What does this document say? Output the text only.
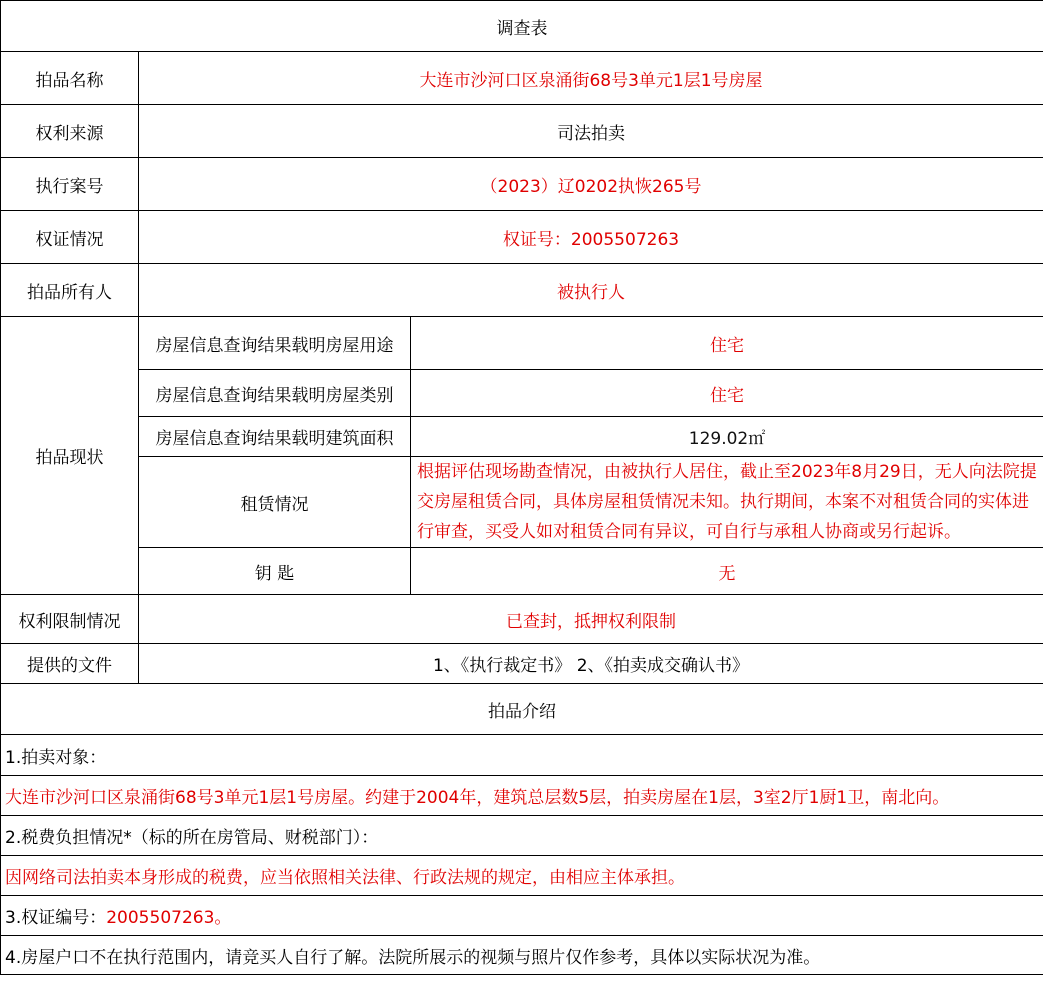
调查表		
拍品名称	大连市沙河口区泉涌街68号3单元1层1号房屋	
权利来源	司法拍卖	
执行案号	（2023）辽0202执恢265号	
权证情况	权证号：2005507263	
拍品所有人	被执行人	
拍品现状	房屋信息查询结果载明房屋用途	住宅
	房屋信息查询结果载明房屋类别	住宅
	房屋信息查询结果载明建筑面积	129.02㎡
	租赁情况	根据评估现场勘查情况，由被执行人居住，截止至2023年8月29日，无人向法院提交房屋租赁合同，具体房屋租赁情况未知。执行期间，本案不对租赁合同的实体进行审查，买受人如对租赁合同有异议，可自行与承租人协商或另行起诉。
	钥 匙	无
权利限制情况	已查封，抵押权利限制	
提供的文件	1、《执行裁定书》 2、《拍卖成交确认书》	
拍品介绍		
1.拍卖对象：		
大连市沙河口区泉涌街68号3单元1层1号房屋。约建于2004年，建筑总层数5层，拍卖房屋在1层，3室2厅1厨1卫，南北向。		
2.税费负担情况*（标的所在房管局、财税部门）：		
因网络司法拍卖本身形成的税费，应当依照相关法律、行政法规的规定，由相应主体承担。		
3.权证编号：2005507263。		
4.房屋户口不在执行范围内，请竞买人自行了解。法院所展示的视频与照片仅作参考，具体以实际状况为准。		
